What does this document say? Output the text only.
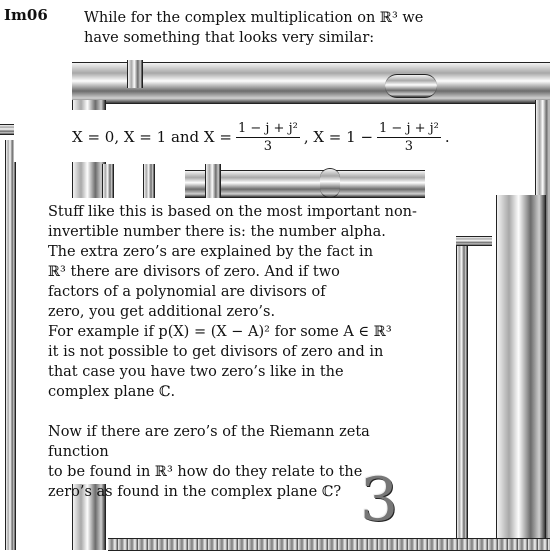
3
Im06 While for the complex multiplication on ℝ³ we
have something that looks very similar:
X = 0, X = 1 and $X = \frac{\text{1 − j + j²}}{3}$ , $X = 1 - \frac{\text{1 − j + j²}}{3}$ .

Stuff like this is based on the most important non-

invertible number there is: the number alpha.

The extra zero’s are explained by the fact in

ℝ³ there are divisors of zero. And if two

factors of a polynomial are divisors of

zero, you get additional zero’s.

For example if p(X) = (X − A)² for some A ∈ ℝ³

it is not possible to get divisors of zero and in

that case you have two zero’s like in the

complex plane ℂ.

Now if there are zero’s of the Riemann zeta function

to be found in ℝ³ how do they relate to the

zero’s as found in the complex plane ℂ?
